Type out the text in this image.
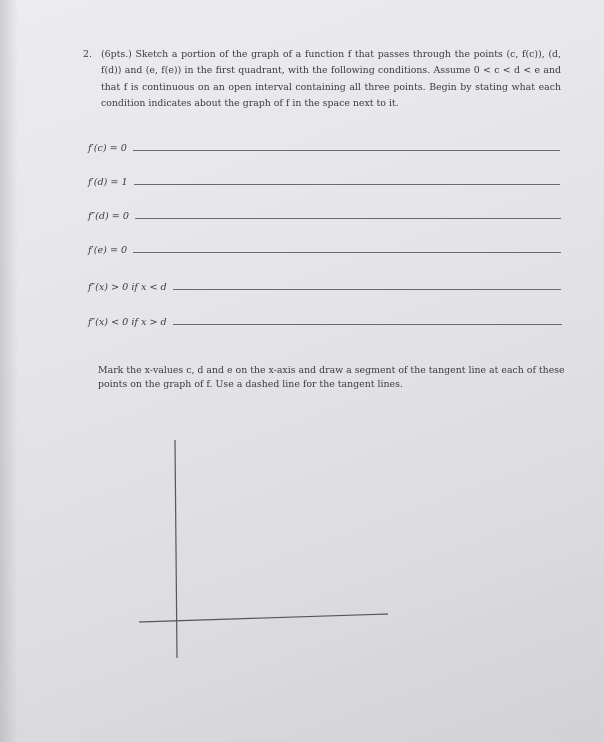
2. (6pts.) Sketch a portion of the graph of a function f that passes through the points (c, f(c)), (d, f(d)) and (e, f(e)) in the first quadrant, with the following conditions. Assume 0 < c < d < e and that f is continuous on an open interval containing all three points. Begin by stating what each condition indicates about the graph of f in the space next to it.
f′(c) = 0
f′(d) = 1
f″(d) = 0
f′(e) = 0
f″(x) > 0 if x < d
f″(x) < 0 if x > d
Mark the x-values c, d and e on the x-axis and draw a segment of the tangent line at each of these points on the graph of f. Use a dashed line for the tangent lines.
